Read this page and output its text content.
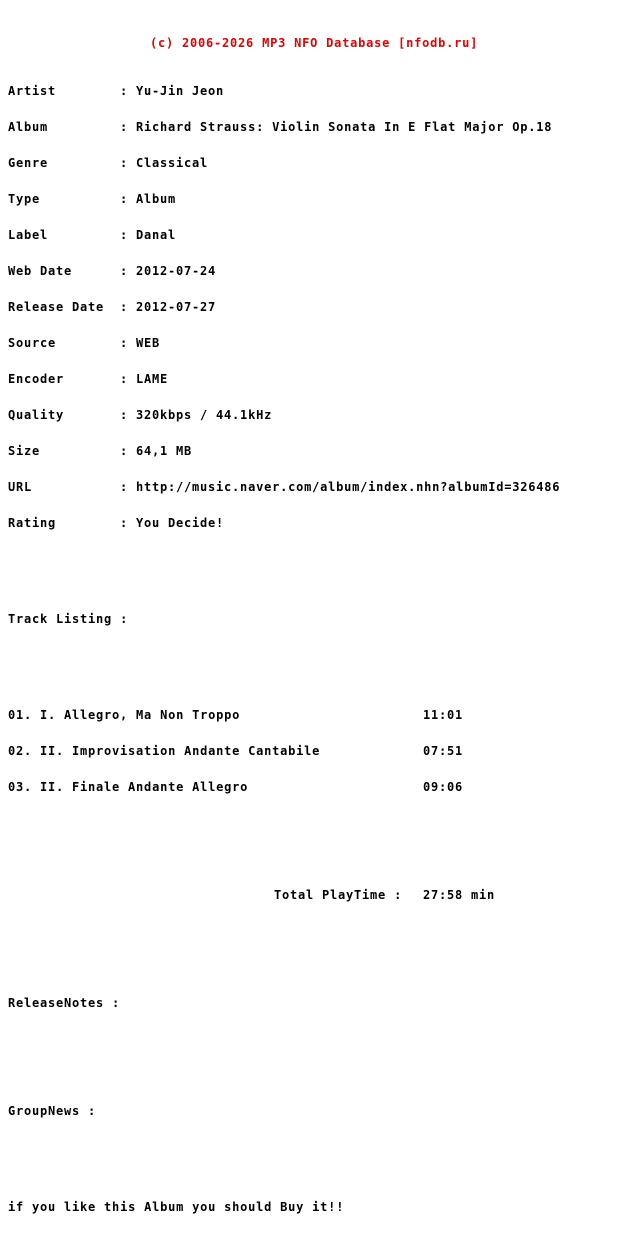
(c) 2006-2026 MP3 NFO Database [nfodb.ru]

Artist	: Yu-Jin Jeon

Album	: Richard Strauss: Violin Sonata In E Flat Major Op.18

Genre	: Classical

Type	: Album

Label	: Danal

Web Date	: 2012-07-24

Release Date : 2012-07-27

Source	: WEB

Encoder	: LAME

Quality	: 320kbps / 44.1kHz

Size	: 64,1 MB

URL	: http://music.naver.com/album/index.nhn?albumId=326486

Rating	: You Decide!

Track Listing :

01. I. Allegro, Ma Non Troppo	11:01

02. II. Improvisation Andante Cantabile	07:51

03. II. Finale Andante Allegro	09:06

Total PlayTime : 27:58 min

ReleaseNotes :

GroupNews :

if you like this Album you should Buy it!!
